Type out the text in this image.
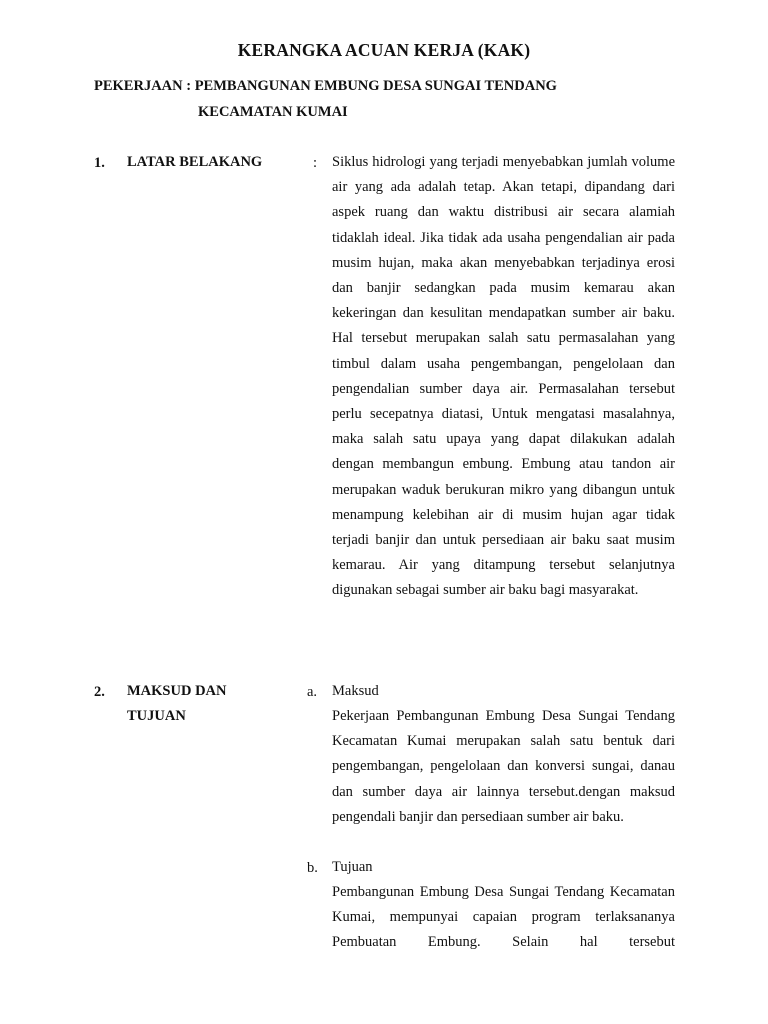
KERANGKA ACUAN KERJA (KAK)
PEKERJAAN : PEMBANGUNAN EMBUNG DESA SUNGAI TENDANG
KECAMATAN KUMAI
1. LATAR BELAKANG	: Siklus hidrologi yang terjadi menyebabkan jumlah volume air yang ada adalah tetap. Akan tetapi, dipandang dari aspek ruang dan waktu distribusi air secara alamiah tidaklah ideal. Jika tidak ada usaha pengendalian air pada musim hujan, maka akan menyebabkan terjadinya erosi dan banjir sedangkan pada musim kemarau akan kekeringan dan kesulitan mendapatkan sumber air baku. Hal tersebut merupakan salah satu permasalahan yang timbul dalam usaha pengembangan, pengelolaan dan pengendalian sumber daya air. Permasalahan tersebut perlu secepatnya diatasi, Untuk mengatasi masalahnya, maka salah satu upaya yang dapat dilakukan adalah dengan membangun embung. Embung atau tandon air merupakan waduk berukuran mikro yang dibangun untuk menampung kelebihan air di musim hujan agar tidak terjadi banjir dan untuk persediaan air baku saat musim kemarau. Air yang ditampung tersebut selanjutnya digunakan sebagai sumber air baku bagi masyarakat.

2. MAKSUD DAN
TUJUAN
a. Maksud

Pekerjaan Pembangunan Embung Desa Sungai Tendang Kecamatan Kumai merupakan salah satu bentuk dari pengembangan, pengelolaan dan konversi sungai, danau dan sumber daya air lainnya tersebut.dengan maksud pengendali banjir dan persediaan sumber air baku.

b. Tujuan

Pembangunan Embung Desa Sungai Tendang Kecamatan Kumai, mempunyai capaian program terlaksananya Pembuatan Embung. Selain hal tersebut
